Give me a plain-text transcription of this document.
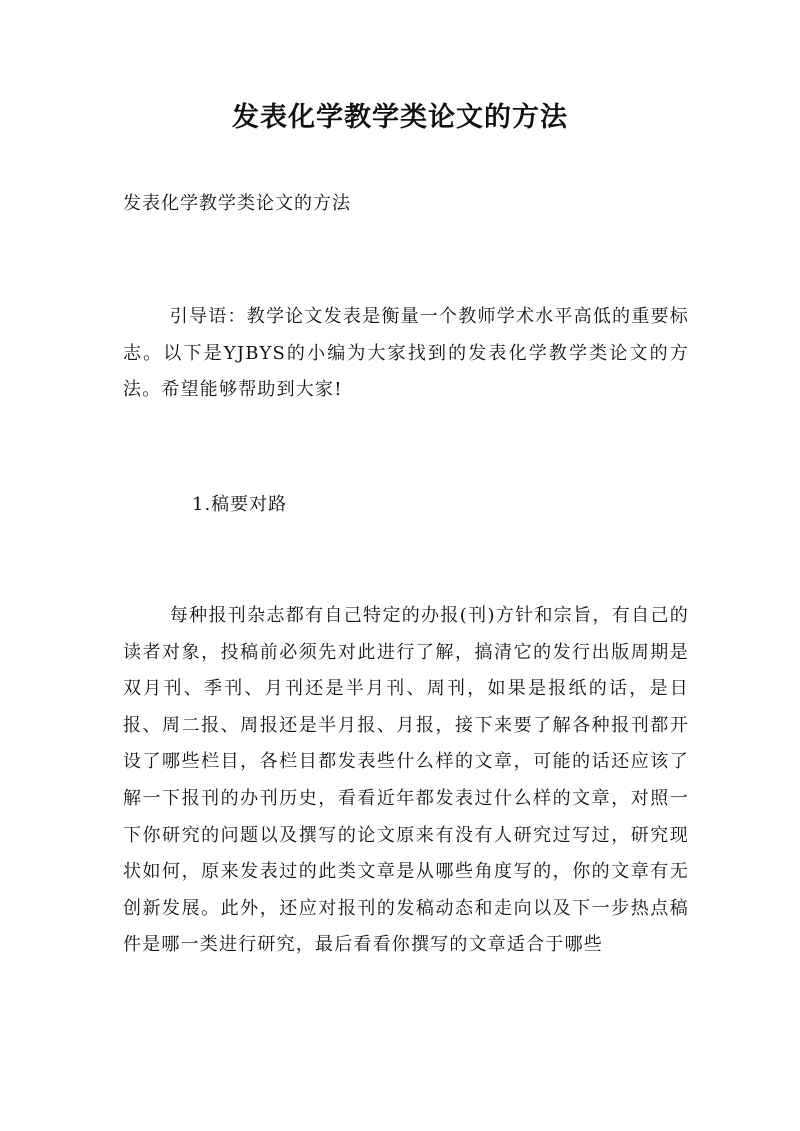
发表化学教学类论文的方法
发表化学教学类论文的方法

引导语：教学论文发表是衡量一个教师学术水平高低的重要标志。以下是YJBYS的小编为大家找到的发表化学教学类论文的方法。希望能够帮助到大家!

1.稿要对路

每种报刊杂志都有自己特定的办报(刊)方针和宗旨，有自己的读者对象，投稿前必须先对此进行了解，搞清它的发行出版周期是双月刊、季刊、月刊还是半月刊、周刊，如果是报纸的话，是日报、周二报、周报还是半月报、月报，接下来要了解各种报刊都开设了哪些栏目，各栏目都发表些什么样的文章，可能的话还应该了解一下报刊的办刊历史，看看近年都发表过什么样的文章，对照一下你研究的问题以及撰写的论文原来有没有人研究过写过，研究现状如何，原来发表过的此类文章是从哪些角度写的，你的文章有无创新发展。此外，还应对报刊的发稿动态和走向以及下一步热点稿件是哪一类进行研究，最后看看你撰写的文章适合于哪些
